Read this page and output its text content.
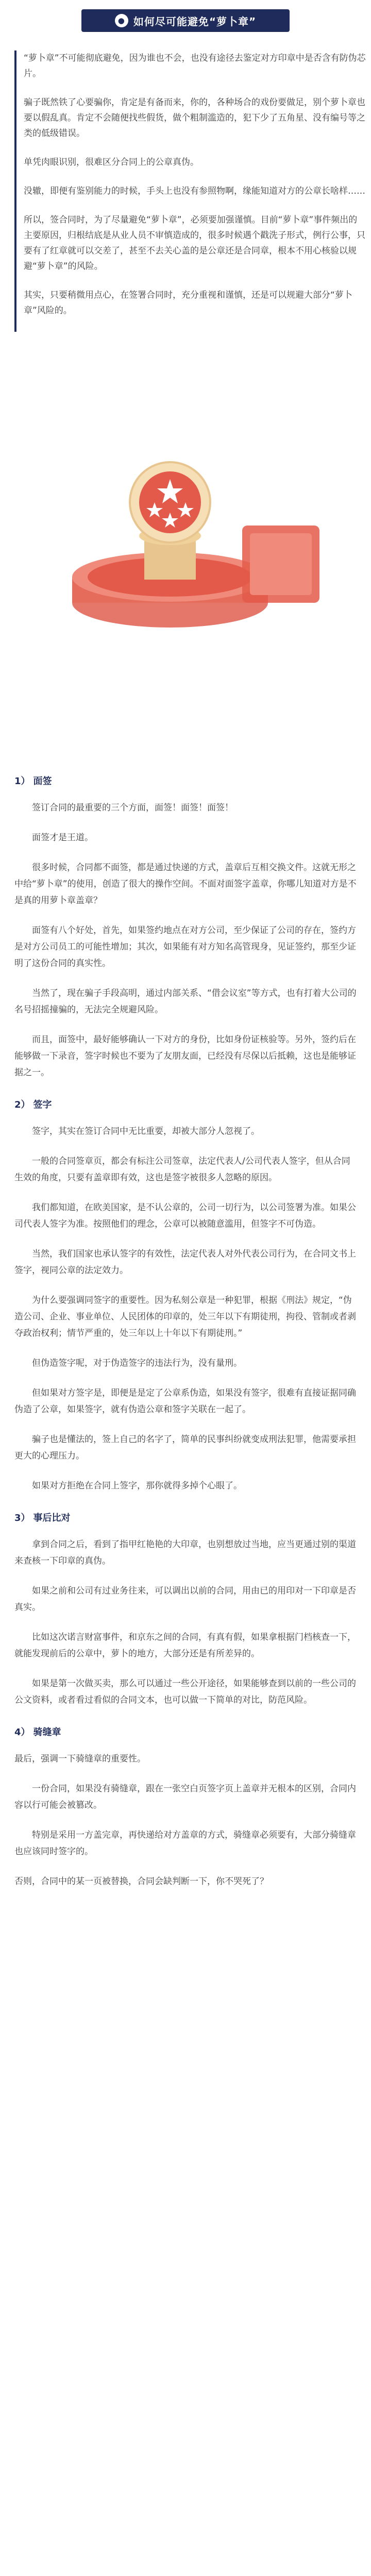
● 如何尽可能避免“萝卜章”

“萝卜章”不可能彻底避免，因为谁也不会，也没有途径去鉴定对方印章中是否含有防伪芯片。

骗子既然铁了心要骗你，肯定是有备而来，你的，各种场合的戏份要做足，别个萝卜章也要以假乱真。肯定不会随便找些假货，做个粗制滥造的，犯下少了五角星、没有编号等之类的低级错误。

单凭肉眼识别，很难区分合同上的公章真伪。

没辙，即便有鉴别能力的时候，手头上也没有参照物啊，缘能知道对方的公章长啥样……

所以，签合同时，为了尽量避免“萝卜章”，必须要加强谨慎。目前“萝卜章”事件频出的主要原因，归根结底是从业人员不审慎造成的，很多时候遇个戳洗子形式，例行公事，只要有了红章就可以交差了，甚至不去关心盖的是公章还是合同章，根本不用心核验以规避“萝卜章”的风险。

其实，只要稍微用点心，在签署合同时，充分重视和谨慎，还是可以规避大部分“萝卜章”风险的。

1） 面签

签订合同的最重要的三个方面，面签！面签！面签！

面签才是王道。

很多时候，合同都不面签，都是通过快递的方式，盖章后互相交换文件。这就无形之中给“萝卜章”的使用，创造了很大的操作空间。不面对面签字盖章，你哪儿知道对方是不是真的用萝卜章盖章？

面签有八个好处，首先，如果签约地点在对方公司，至少保证了公司的存在，签约方是对方公司员工的可能性增加；其次，如果能有对方知名高管现身，见证签约，那至少证明了这份合同的真实性。

当然了，现在骗子手段高明，通过内部关系、“借会议室”等方式，也有打着大公司的名号招摇撞骗的，无法完全规避风险。

而且，面签中，最好能够确认一下对方的身份，比如身份证核验等。另外，签约后在能够做一下录音，签字时候也不要为了友朋友面，已经没有尽保以后抵赖，这也是能够证据之一。

2） 签字

签字，其实在签订合同中无比重要，却被大部分人忽视了。

一般的合同签章页，都会有标注公司签章，法定代表人/公司代表人签字，但从合同生效的角度，只要有盖章即有效，这也是签字被很多人忽略的原因。

我们都知道，在欧美国家，是不认公章的，公司一切行为，以公司签署为准。如果公司代表人签字为准。按照他们的理念，公章可以被随意滥用，但签字不可伪造。

当然，我们国家也承认签字的有效性，法定代表人对外代表公司行为，在合同文书上签字，视同公章的法定效力。

为什么要强调同签字的重要性。因为私刻公章是一种犯罪，根据《刑法》规定，“伪造公司、企业、事业单位、人民团体的印章的，处三年以下有期徒刑，拘役、管制或者剥夺政治权利；情节严重的，处三年以上十年以下有期徒刑。”

但伪造签字呢，对于伪造签字的违法行为，没有量刑。

但如果对方签字是，即便是是定了公章系伪造，如果没有签字，很难有直接证据同确伪造了公章，如果签字，就有伪造公章和签字关联在一起了。

骗子也是懂法的，签上自己的名字了，简单的民事纠纷就变成刑法犯罪，他需要承担更大的心理压力。

如果对方拒绝在合同上签字，那你就得多掉个心眼了。

3） 事后比对

拿到合同之后，看到了指甲红艳艳的大印章，也别想放过当地，应当更通过别的渠道来查核一下印章的真伪。

如果之前和公司有过业务往来，可以调出以前的合同，用由已的用印对一下印章是否真实。

比如这次诺言财富事件，和京东之间的合同，有真有假，如果拿根据门档核查一下，就能发现前后的公章中，萝卜的地方，大部分还是有所差异的。

如果是第一次做买卖，那么可以通过一些公开途径，如果能够查到以前的一些公司的公文资料，或者看过看似的合同文本，也可以做一下简单的对比，防范风险。

4） 骑缝章

最后，强调一下骑缝章的重要性。

一份合同，如果没有骑缝章，跟在一张空白页签字页上盖章并无根本的区别，合同内容以行可能会被篡改。

特别是采用一方盖完章，再快递给对方盖章的方式，骑缝章必须要有，大部分骑缝章也应该同时签字的。

否则，合同中的某一页被替换，合同会缺判断一下，你不哭死了？
